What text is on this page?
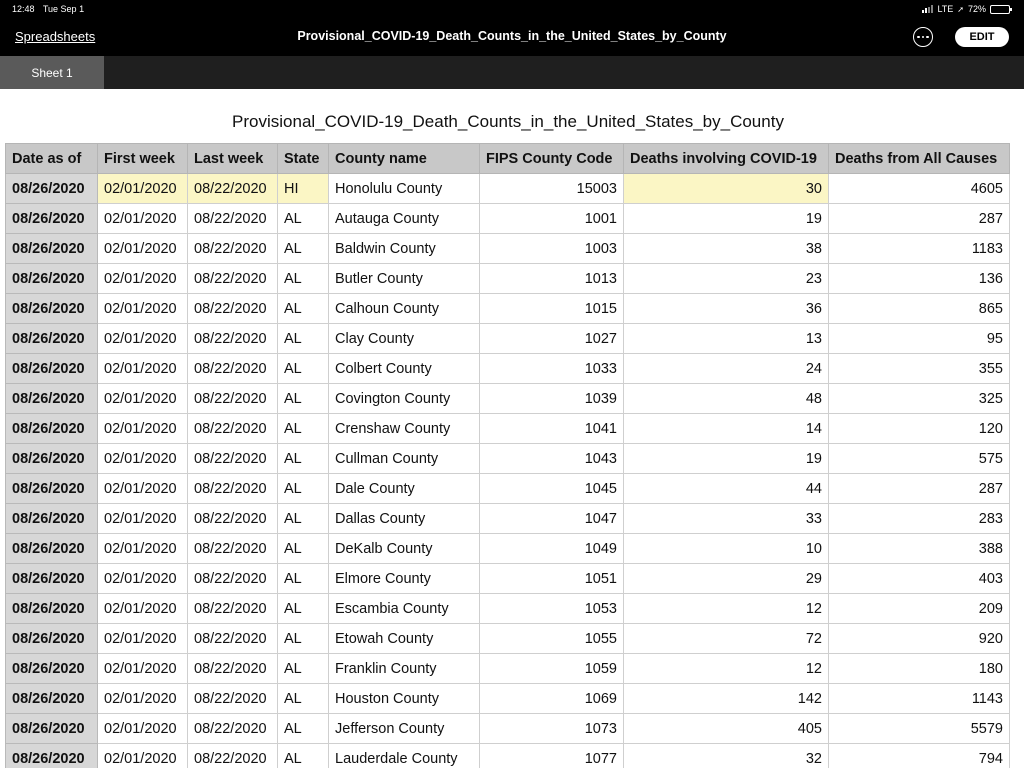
12:48 Tue Sep 1	LTE ➚ 72%
Spreadsheets	Provisional_COVID-19_Death_Counts_in_the_United_States_by_County	EDIT
Sheet 1
Provisional_COVID-19_Death_Counts_in_the_United_States_by_County
Date as of	First week	Last week	State	County name	FIPS County Code	Deaths involving COVID-19	Deaths from All Causes
08/26/2020	02/01/2020	08/22/2020	HI	Honolulu County	15003	30	4605
08/26/2020	02/01/2020	08/22/2020	AL	Autauga County	1001	19	287
08/26/2020	02/01/2020	08/22/2020	AL	Baldwin County	1003	38	1183
08/26/2020	02/01/2020	08/22/2020	AL	Butler County	1013	23	136
08/26/2020	02/01/2020	08/22/2020	AL	Calhoun County	1015	36	865
08/26/2020	02/01/2020	08/22/2020	AL	Clay County	1027	13	95
08/26/2020	02/01/2020	08/22/2020	AL	Colbert County	1033	24	355
08/26/2020	02/01/2020	08/22/2020	AL	Covington County	1039	48	325
08/26/2020	02/01/2020	08/22/2020	AL	Crenshaw County	1041	14	120
08/26/2020	02/01/2020	08/22/2020	AL	Cullman County	1043	19	575
08/26/2020	02/01/2020	08/22/2020	AL	Dale County	1045	44	287
08/26/2020	02/01/2020	08/22/2020	AL	Dallas County	1047	33	283
08/26/2020	02/01/2020	08/22/2020	AL	DeKalb County	1049	10	388
08/26/2020	02/01/2020	08/22/2020	AL	Elmore County	1051	29	403
08/26/2020	02/01/2020	08/22/2020	AL	Escambia County	1053	12	209
08/26/2020	02/01/2020	08/22/2020	AL	Etowah County	1055	72	920
08/26/2020	02/01/2020	08/22/2020	AL	Franklin County	1059	12	180
08/26/2020	02/01/2020	08/22/2020	AL	Houston County	1069	142	1143
08/26/2020	02/01/2020	08/22/2020	AL	Jefferson County	1073	405	5579
08/26/2020	02/01/2020	08/22/2020	AL	Lauderdale County	1077	32	794
